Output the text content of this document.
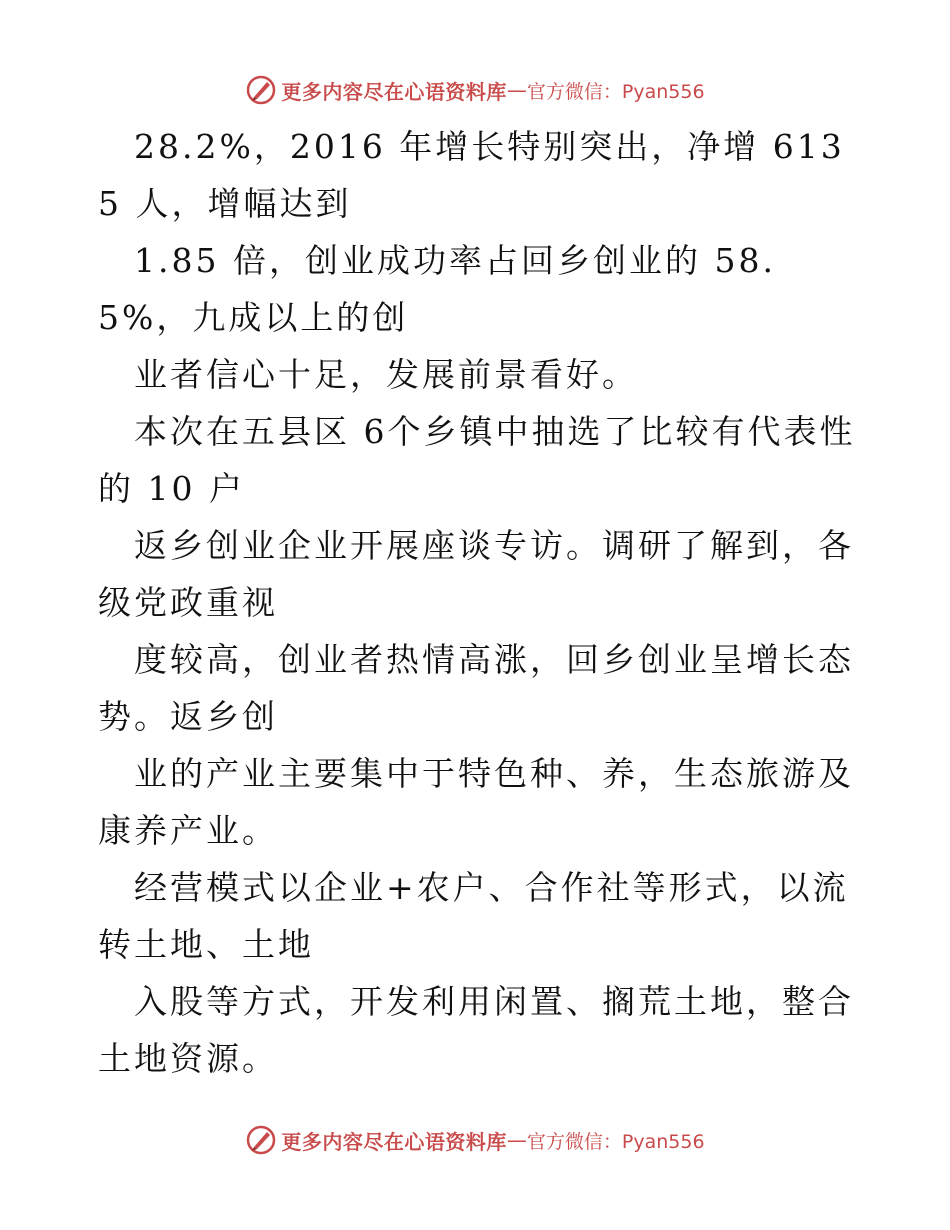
更多内容尽在心语资料库 — 官方微信：Pyan556

28.2%，2016 年增长特别突出，净增 6135 人，增幅达到

1.85 倍，创业成功率占回乡创业的 58.5%，九成以上的创

业者信心十足，发展前景看好。

本次在五县区 6个乡镇中抽选了比较有代表性的 10 户

返乡创业企业开展座谈专访。调研了解到，各级党政重视

度较高，创业者热情高涨，回乡创业呈增长态势。返乡创

业的产业主要集中于特色种、养，生态旅游及康养产业。

经营模式以企业+农户、合作社等形式，以流转土地、土地

入股等方式，开发利用闲置、搁荒土地，整合土地资源。

更多内容尽在心语资料库 — 官方微信：Pyan556
